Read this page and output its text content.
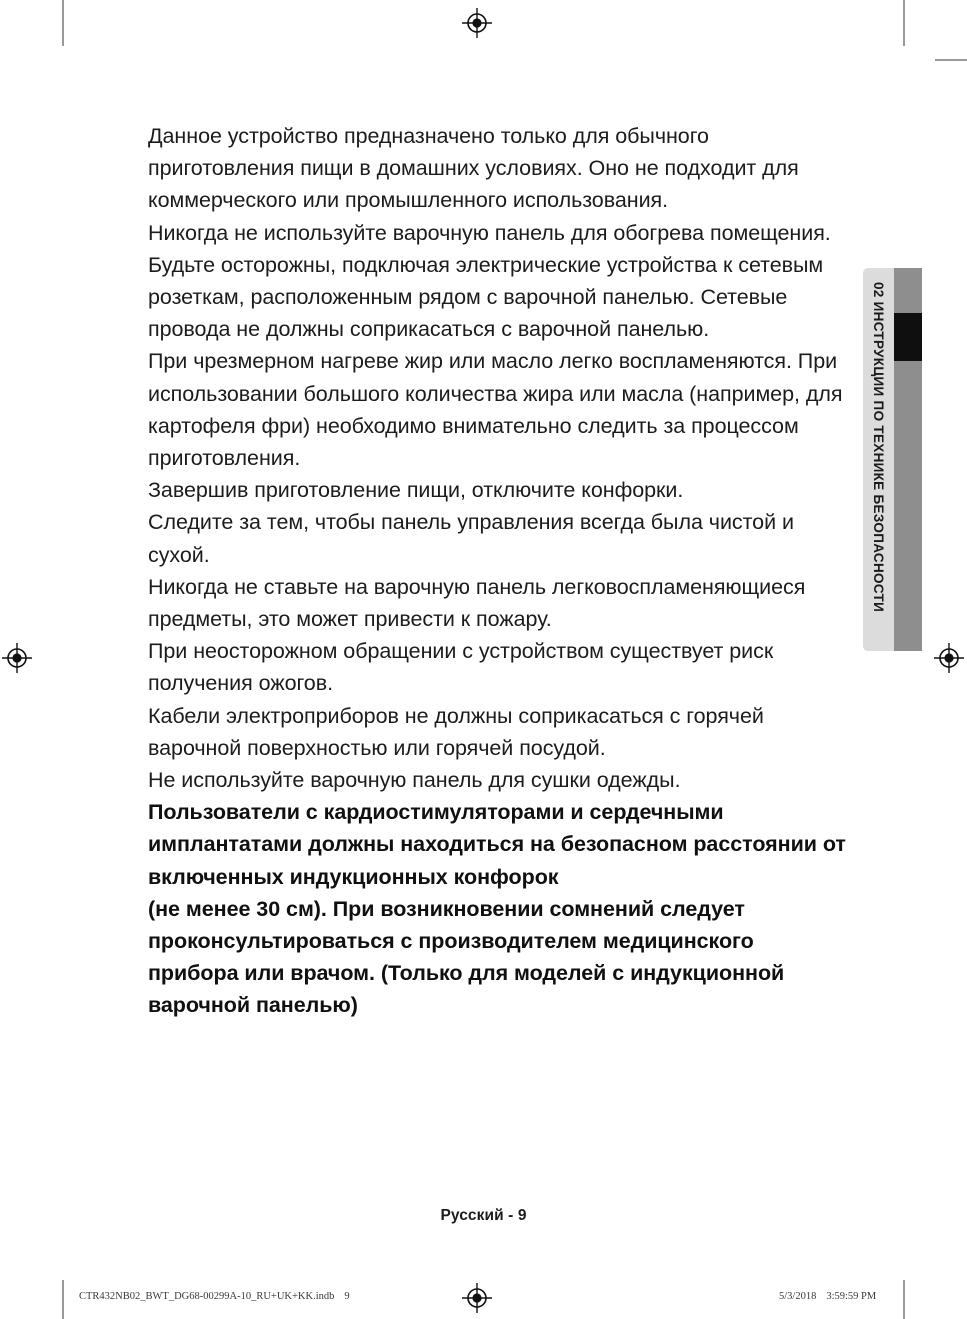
02 ИНСТРУКЦИИ ПО ТЕХНИКЕ БЕЗОПАСНОСТИ

Данное устройство предназначено только для обычного приготовления пищи в домашних условиях. Оно не подходит для коммерческого или промышленного использования.

Никогда не используйте варочную панель для обогрева помещения.

Будьте осторожны, подключая электрические устройства к сетевым розеткам, расположенным рядом с варочной панелью. Сетевые провода не должны соприкасаться с варочной панелью.

При чрезмерном нагреве жир или масло легко воспламеняются. При использовании большого количества жира или масла (например, для картофеля фри) необходимо внимательно следить за процессом приготовления.

Завершив приготовление пищи, отключите конфорки.

Следите за тем, чтобы панель управления всегда была чистой и сухой.

Никогда не ставьте на варочную панель легковоспламеняющиеся предметы, это может привести к пожару.

При неосторожном обращении с устройством существует риск получения ожогов.

Кабели электроприборов не должны соприкасаться с горячей варочной поверхностью или горячей посудой.

Не используйте варочную панель для сушки одежды.

Пользователи с кардиостимуляторами и сердечными имплантатами должны находиться на безопасном расстоянии от включенных индукционных конфорок

(не менее 30 см). При возникновении сомнений следует проконсультироваться с производителем медицинского прибора или врачом. (Только для моделей с индукционной варочной панелью)

Русский - 9
CTR432NB02_BWT_DG68-00299A-10_RU+UK+KK.indb 9	5/3/2018 3:59:59 PM
